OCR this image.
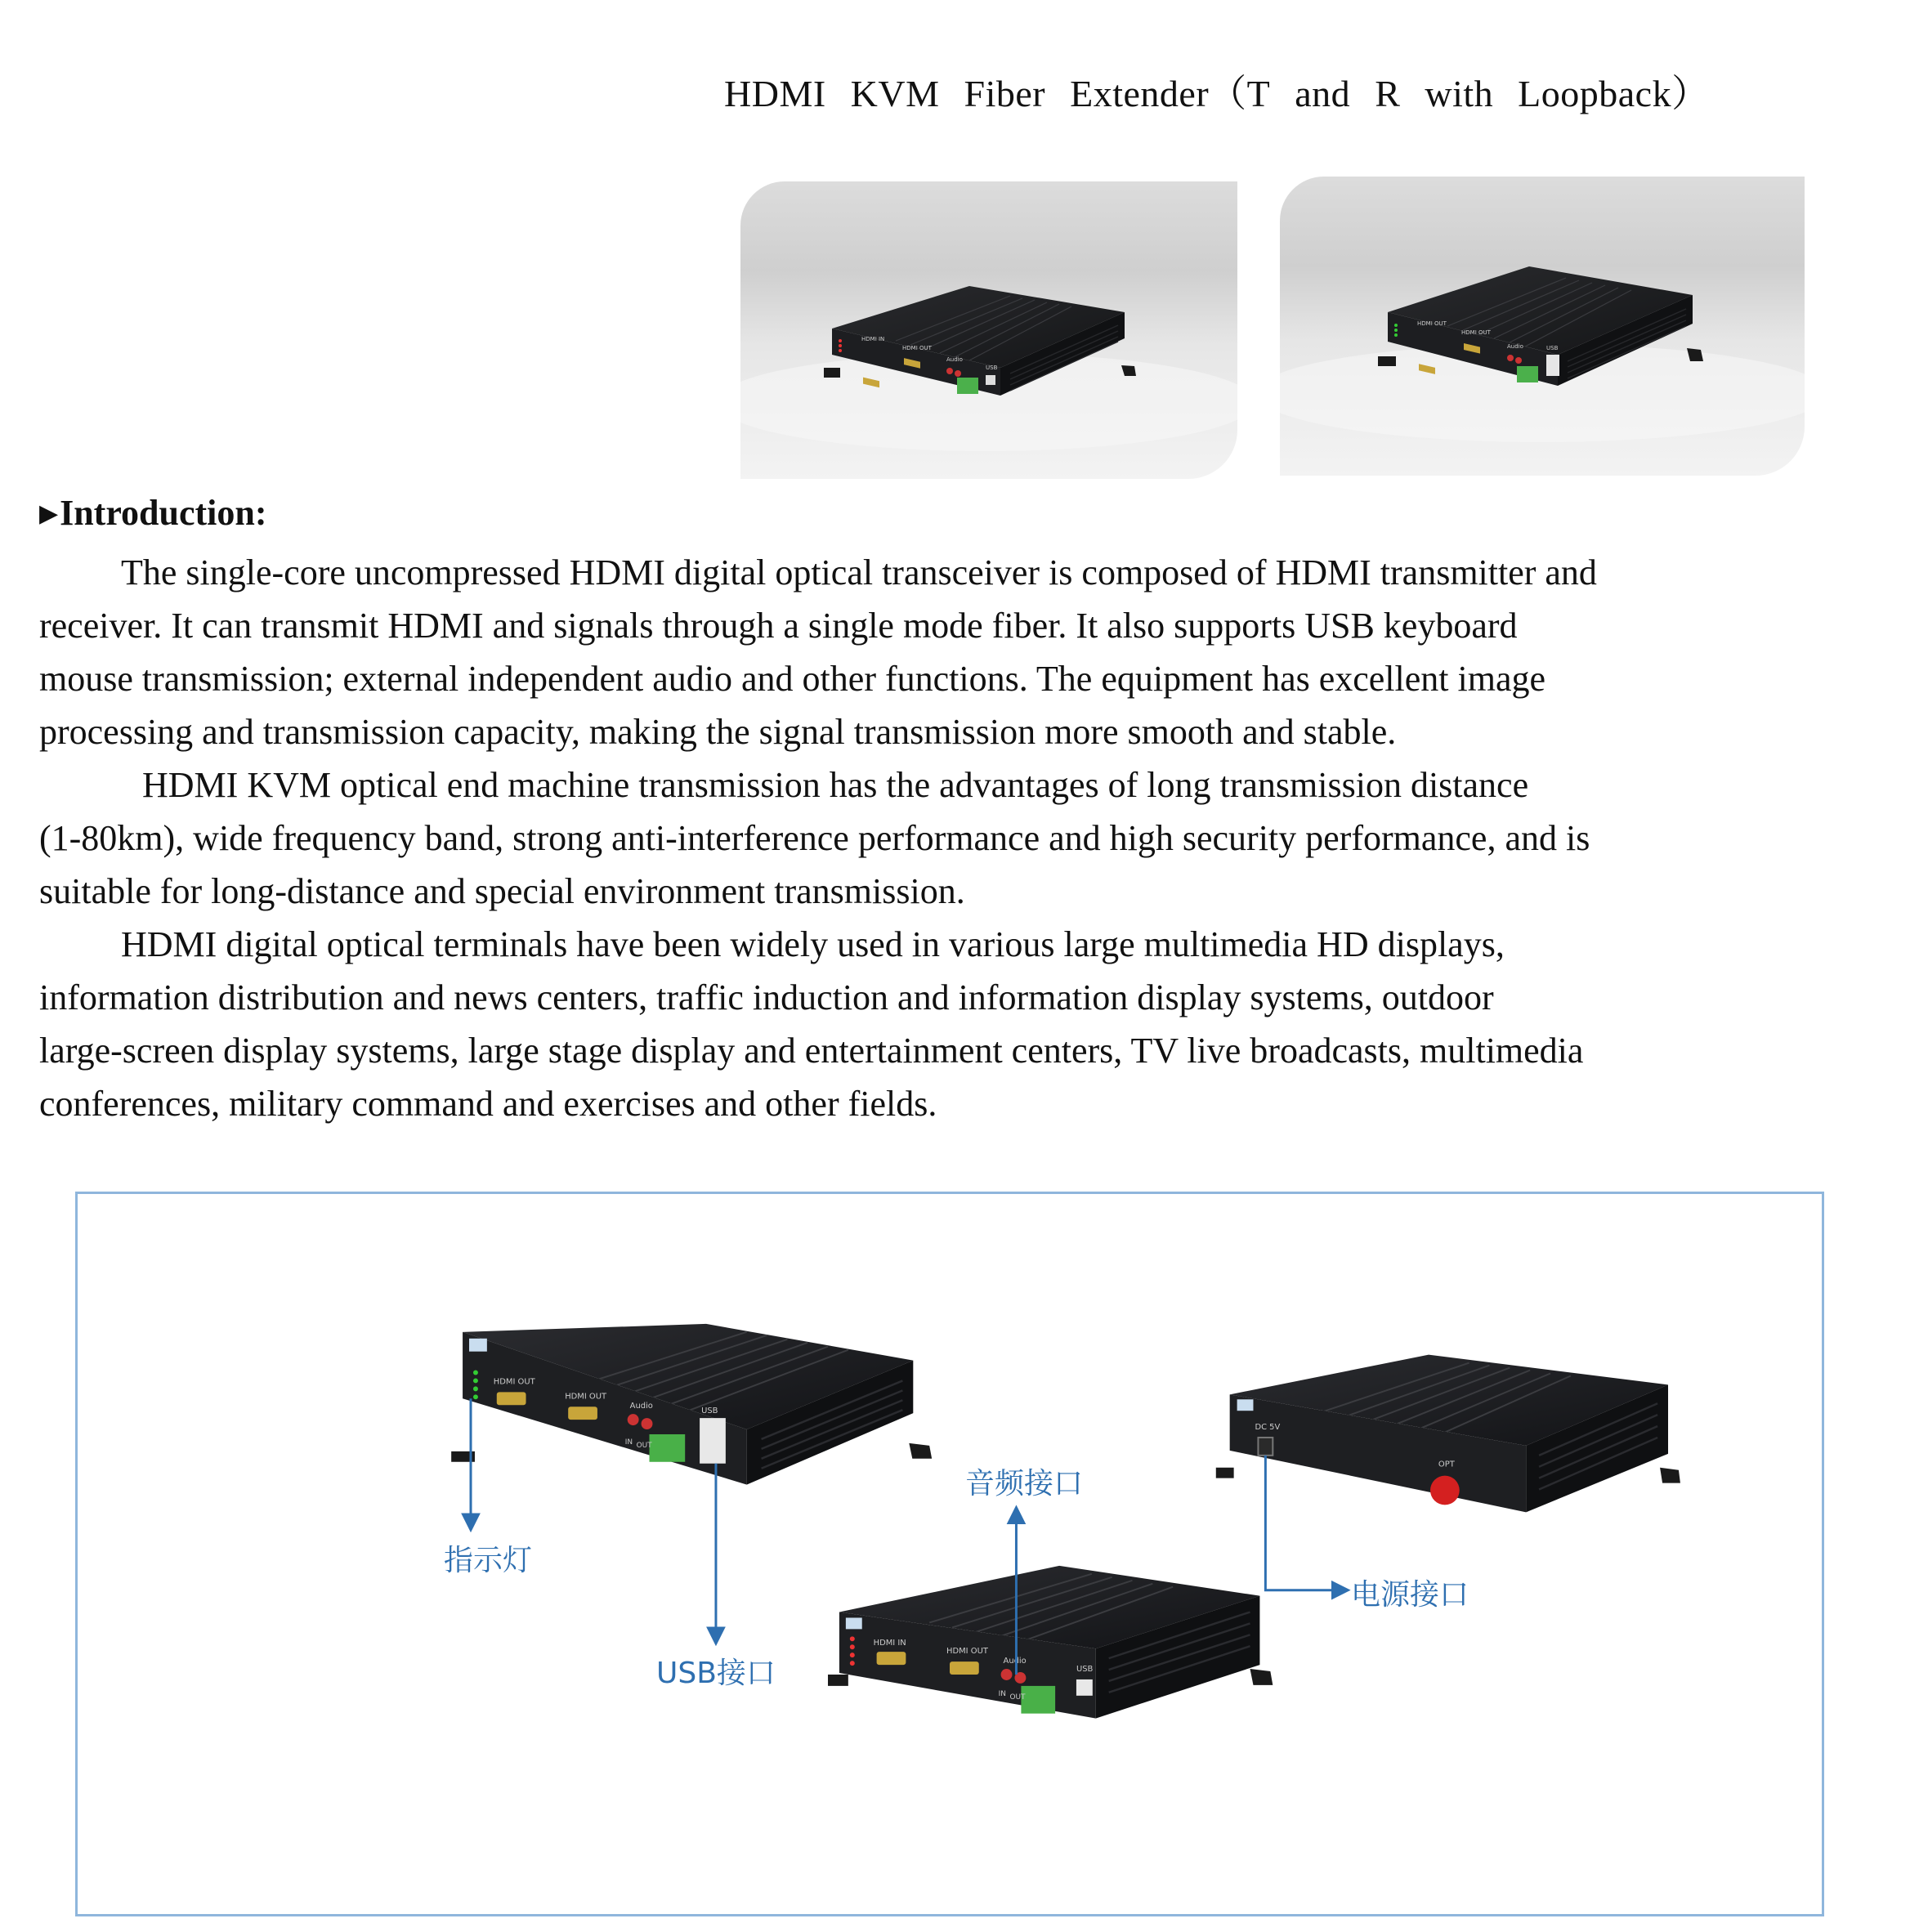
HDMI KVM Fiber Extender（T and R with Loopback）
HDMI IN
HDMI OUT
Audio
USB
HDMI OUT
HDMI OUT
Audio	USB
▶Introduction:

The single-core uncompressed HDMI digital optical transceiver is composed of HDMI transmitter and
receiver. It can transmit HDMI and signals through a single mode fiber. It also supports USB keyboard
mouse transmission; external independent audio and other functions. The equipment has excellent image
processing and transmission capacity, making the signal transmission more smooth and stable.

HDMI KVM optical end machine transmission has the advantages of long transmission distance
(1-80km), wide frequency band, strong anti-interference performance and high security performance, and is
suitable for long-distance and special environment transmission.

HDMI digital optical terminals have been widely used in various large multimedia HD displays,
information distribution and news centers, traffic induction and information display systems, outdoor
large-screen display systems, large stage display and entertainment centers, TV live broadcasts, multimedia
conferences, military command and exercises and other fields.

HDMI OUT
HDMI OUT
Audio
USB
IN OUT
DC 5V
OPT
HDMI IN
HDMI OUT
Audio
USB
IN OUT
指示灯
USB接口
音频接口
电源接口
